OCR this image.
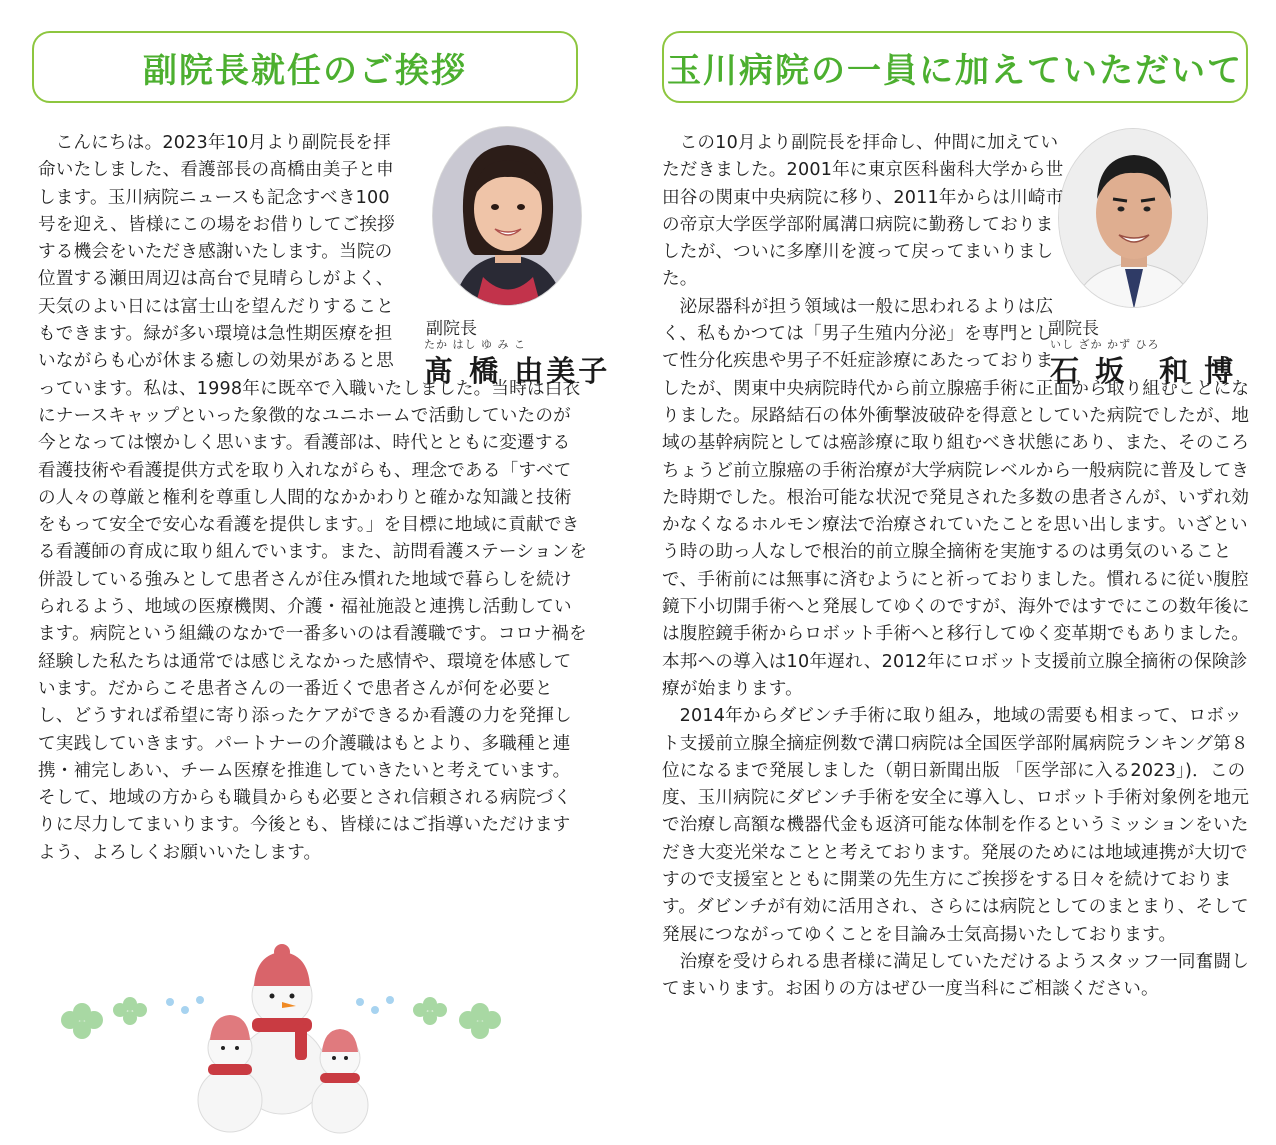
副院長就任のご挨拶
副院長
たか はし ゆ み こ
髙 橋 由美子

こんにちは。2023年10月より副院長を拝命いたしました、看護部長の髙橋由美子と申します。玉川病院ニュースも記念すべき100号を迎え、皆様にこの場をお借りしてご挨拶する機会をいただき感謝いたします。当院の位置する瀬田周辺は高台で見晴らしがよく、天気のよい日には富士山を望んだりすることもできます。緑が多い環境は急性期医療を担いながらも心が休まる癒しの効果があると思っています。私は、1998年に既卒で入職いたしました。当時は白衣にナースキャップといった象徴的なユニホームで活動していたのが今となっては懐かしく思います。看護部は、時代とともに変遷する看護技術や看護提供方式を取り入れながらも、理念である「すべての人々の尊厳と権利を尊重し人間的なかかわりと確かな知識と技術をもって安全で安心な看護を提供します。」を目標に地域に貢献できる看護師の育成に取り組んでいます。また、訪問看護ステーションを併設している強みとして患者さんが住み慣れた地域で暮らしを続けられるよう、地域の医療機関、介護・福祉施設と連携し活動しています。病院という組織のなかで一番多いのは看護職です。コロナ禍を経験した私たちは通常では感じえなかった感情や、環境を体感しています。だからこそ患者さんの一番近くで患者さんが何を必要とし、どうすれば希望に寄り添ったケアができるか看護の力を発揮して実践していきます。パートナーの介護職はもとより、多職種と連携・補完しあい、チーム医療を推進していきたいと考えています。そして、地域の方からも職員からも必要とされ信頼される病院づくりに尽力してまいります。今後とも、皆様にはご指導いただけますよう、よろしくお願いいたします。

玉川病院の一員に加えていただいて
副院長
いし ざか かず ひろ
石 坂　和 博

この10月より副院長を拝命し、仲間に加えていただきました。2001年に東京医科歯科大学から世田谷の関東中央病院に移り、2011年からは川崎市の帝京大学医学部附属溝口病院に勤務しておりましたが、ついに多摩川を渡って戻ってまいりました。

泌尿器科が担う領域は一般に思われるよりは広く、私もかつては「男子生殖内分泌」を専門として性分化疾患や男子不妊症診療にあたっておりましたが、関東中央病院時代から前立腺癌手術に正面から取り組むことになりました。尿路結石の体外衝撃波破砕を得意としていた病院でしたが、地域の基幹病院としては癌診療に取り組むべき状態にあり、また、そのころちょうど前立腺癌の手術治療が大学病院レベルから一般病院に普及してきた時期でした。根治可能な状況で発見された多数の患者さんが、いずれ効かなくなるホルモン療法で治療されていたことを思い出します。いざという時の助っ人なしで根治的前立腺全摘術を実施するのは勇気のいることで、手術前には無事に済むようにと祈っておりました。慣れるに従い腹腔鏡下小切開手術へと発展してゆくのですが、海外ではすでにこの数年後には腹腔鏡手術からロボット手術へと移行してゆく変革期でもありました。本邦への導入は10年遅れ、2012年にロボット支援前立腺全摘術の保険診療が始まります。

2014年からダビンチ手術に取り組み，地域の需要も相まって、ロボット支援前立腺全摘症例数で溝口病院は全国医学部附属病院ランキング第８位になるまで発展しました（朝日新聞出版 「医学部に入る2023」)．この度、玉川病院にダビンチ手術を安全に導入し、ロボット手術対象例を地元で治療し高額な機器代金も返済可能な体制を作るというミッションをいただき大変光栄なことと考えております。発展のためには地域連携が大切ですので支援室とともに開業の先生方にご挨拶をする日々を続けております。ダビンチが有効に活用され、さらには病院としてのまとまり、そして発展につながってゆくことを目論み士気高揚いたしております。

治療を受けられる患者様に満足していただけるようスタッフ一同奮闘してまいります。お困りの方はぜひ一度当科にご相談ください。
